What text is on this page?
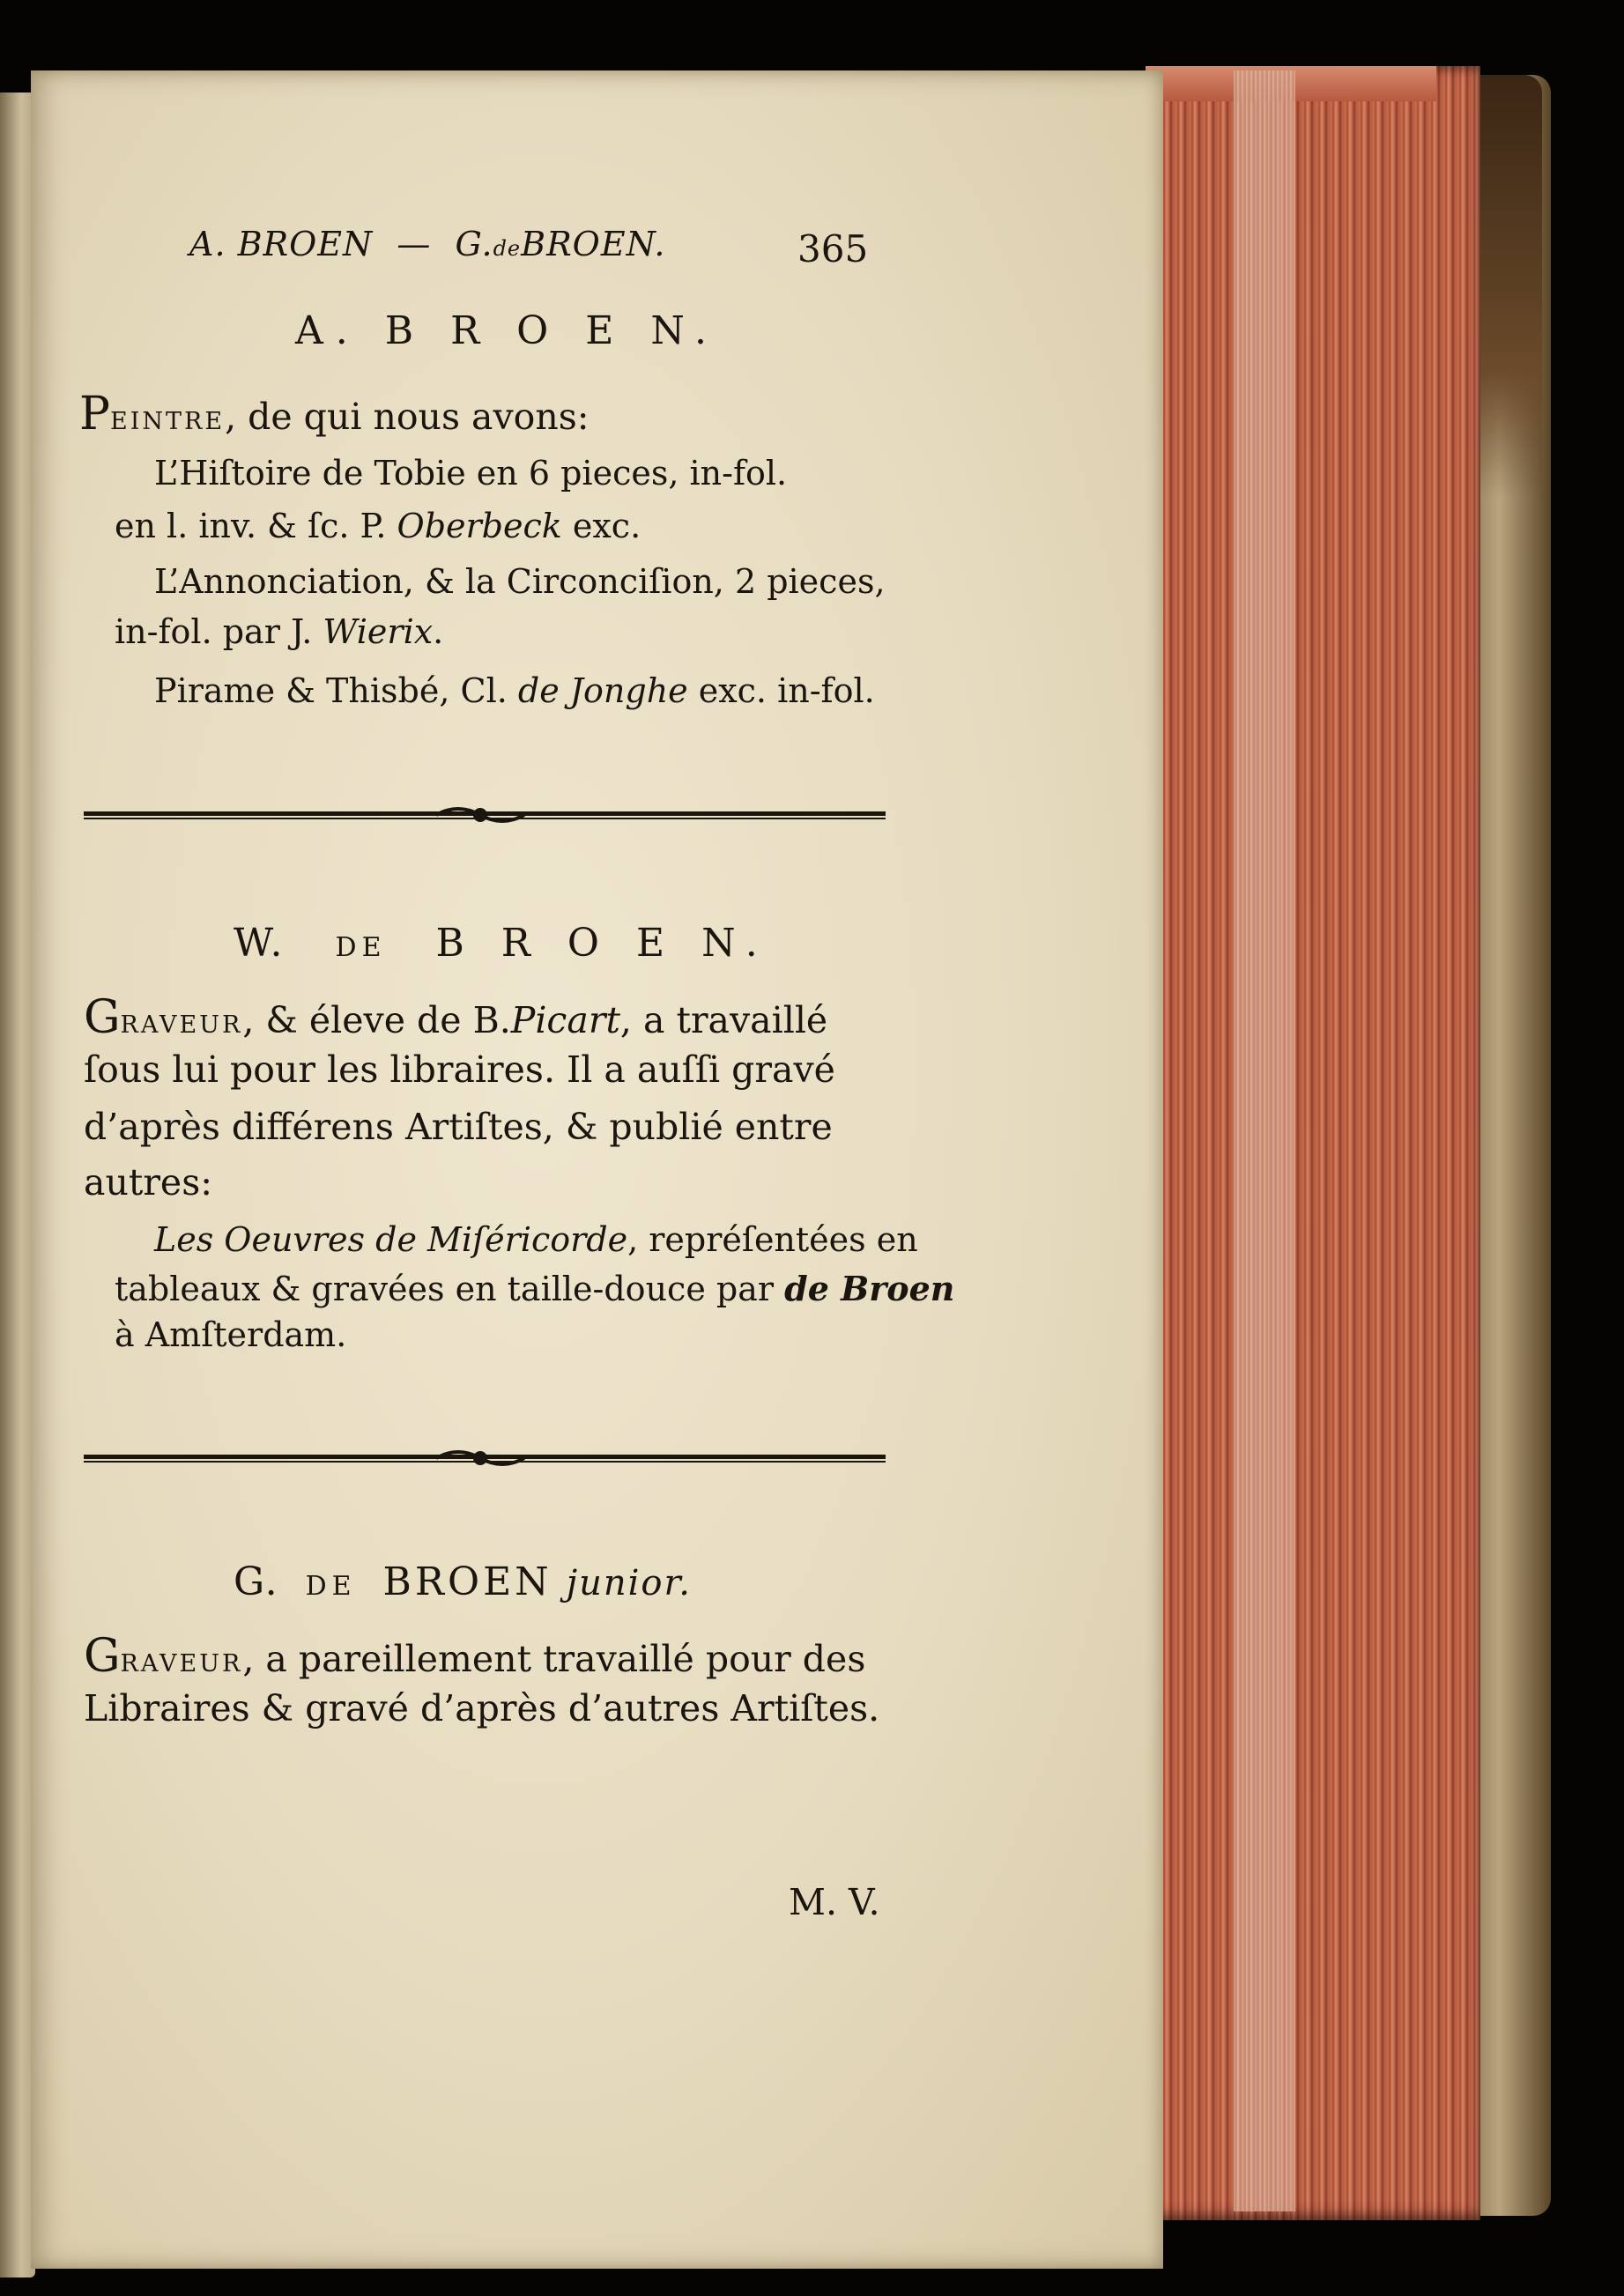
A. BROEN — G.deBROEN.	365
A. B R O E N.
PEINTRE, de qui nous avons:
L’Hiſtoire de Tobie en 6 pieces, in-fol.
en l. inv. & ſc. P. Oberbeck exc.
L’Annonciation, & la Circonciſion, 2 pieces,
in-fol. par J. Wierix.
Pirame & Thisbé, Cl. de Jonghe exc. in-fol.
W. DE B R O E N.
GRAVEUR, & éleve de B.Picart, a travaillé
ſous lui pour les libraires. Il a auſſi gravé
d’après différens Artiſtes, & publié entre
autres:
Les Oeuvres de Miſéricorde, repréſentées en
tableaux & gravées en taille-douce par de Broen
à Amſterdam.
G. DE BROEN junior.
GRAVEUR, a pareillement travaillé pour des
Libraires & gravé d’après d’autres Artiſtes.
M. V.
